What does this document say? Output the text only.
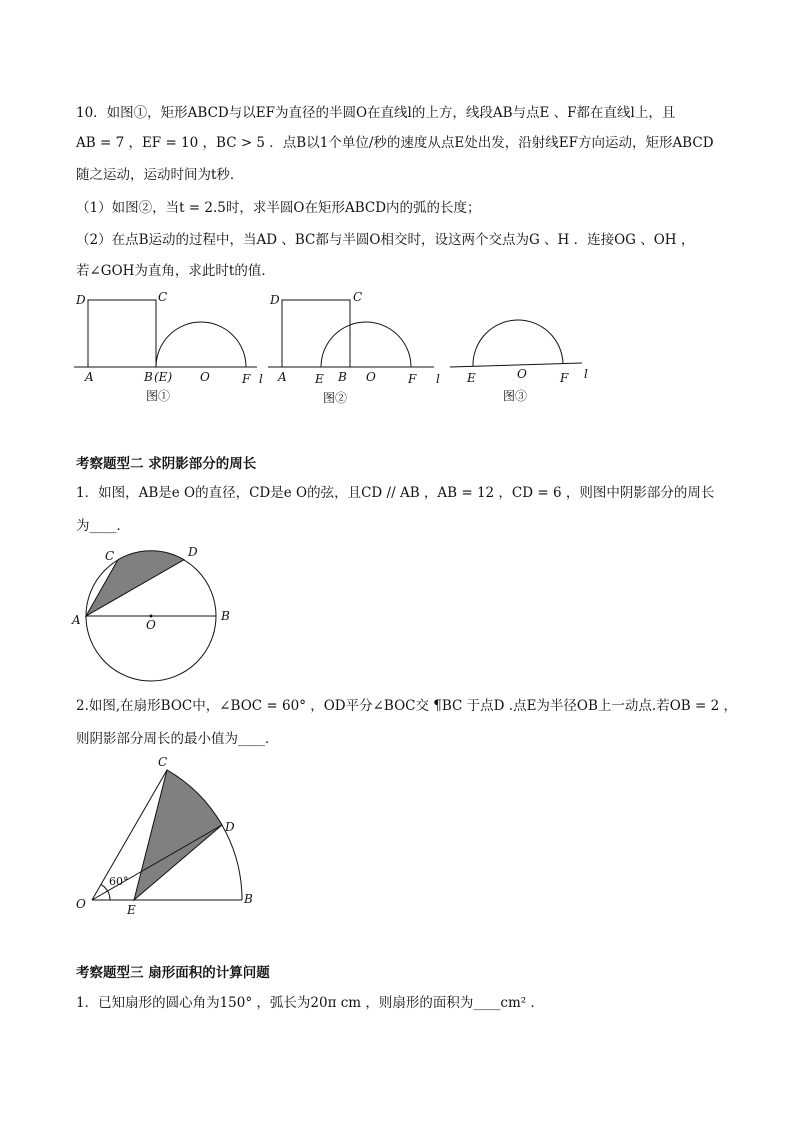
10．如图①，矩形ABCD与以EF为直径的半圆O在直线l的上方，线段AB与点E 、F都在直线l上，且
AB = 7 ，EF = 10 ，BC > 5 ．点B以1个单位/秒的速度从点E处出发，沿射线EF方向运动，矩形ABCD
随之运动，运动时间为t秒．
（1）如图②，当t = 2.5时，求半圆O在矩形ABCD内的弧的长度；
（2）在点B运动的过程中，当AD 、BC都与半圆O相交时，设这两个交点为G 、H ．连接OG 、OH ，
若∠GOH为直角，求此时t的值．
D	C
A	B (E) O	F l
图①
D	C
A E B O	F l
图②
E	O	F l
图③
考察题型二 求阴影部分的周长
1．如图，AB是e O的直径，CD是e O的弦，且CD // AB ，AB = 12 ，CD = 6 ，则图中阴影部分的周长
为____．
C	D
A	B
O
2.如图,在扇形BOC中，∠BOC = 60° ，OD平分∠BOC交 ¶BC 于点D .点E为半径OB上一动点.若OB = 2 ，
则阴影部分周长的最小值为____．
C
D
O	E
B
60°
考察题型三 扇形面积的计算问题
1．已知扇形的圆心角为150° ，弧长为20π cm ，则扇形的面积为____cm² ．
